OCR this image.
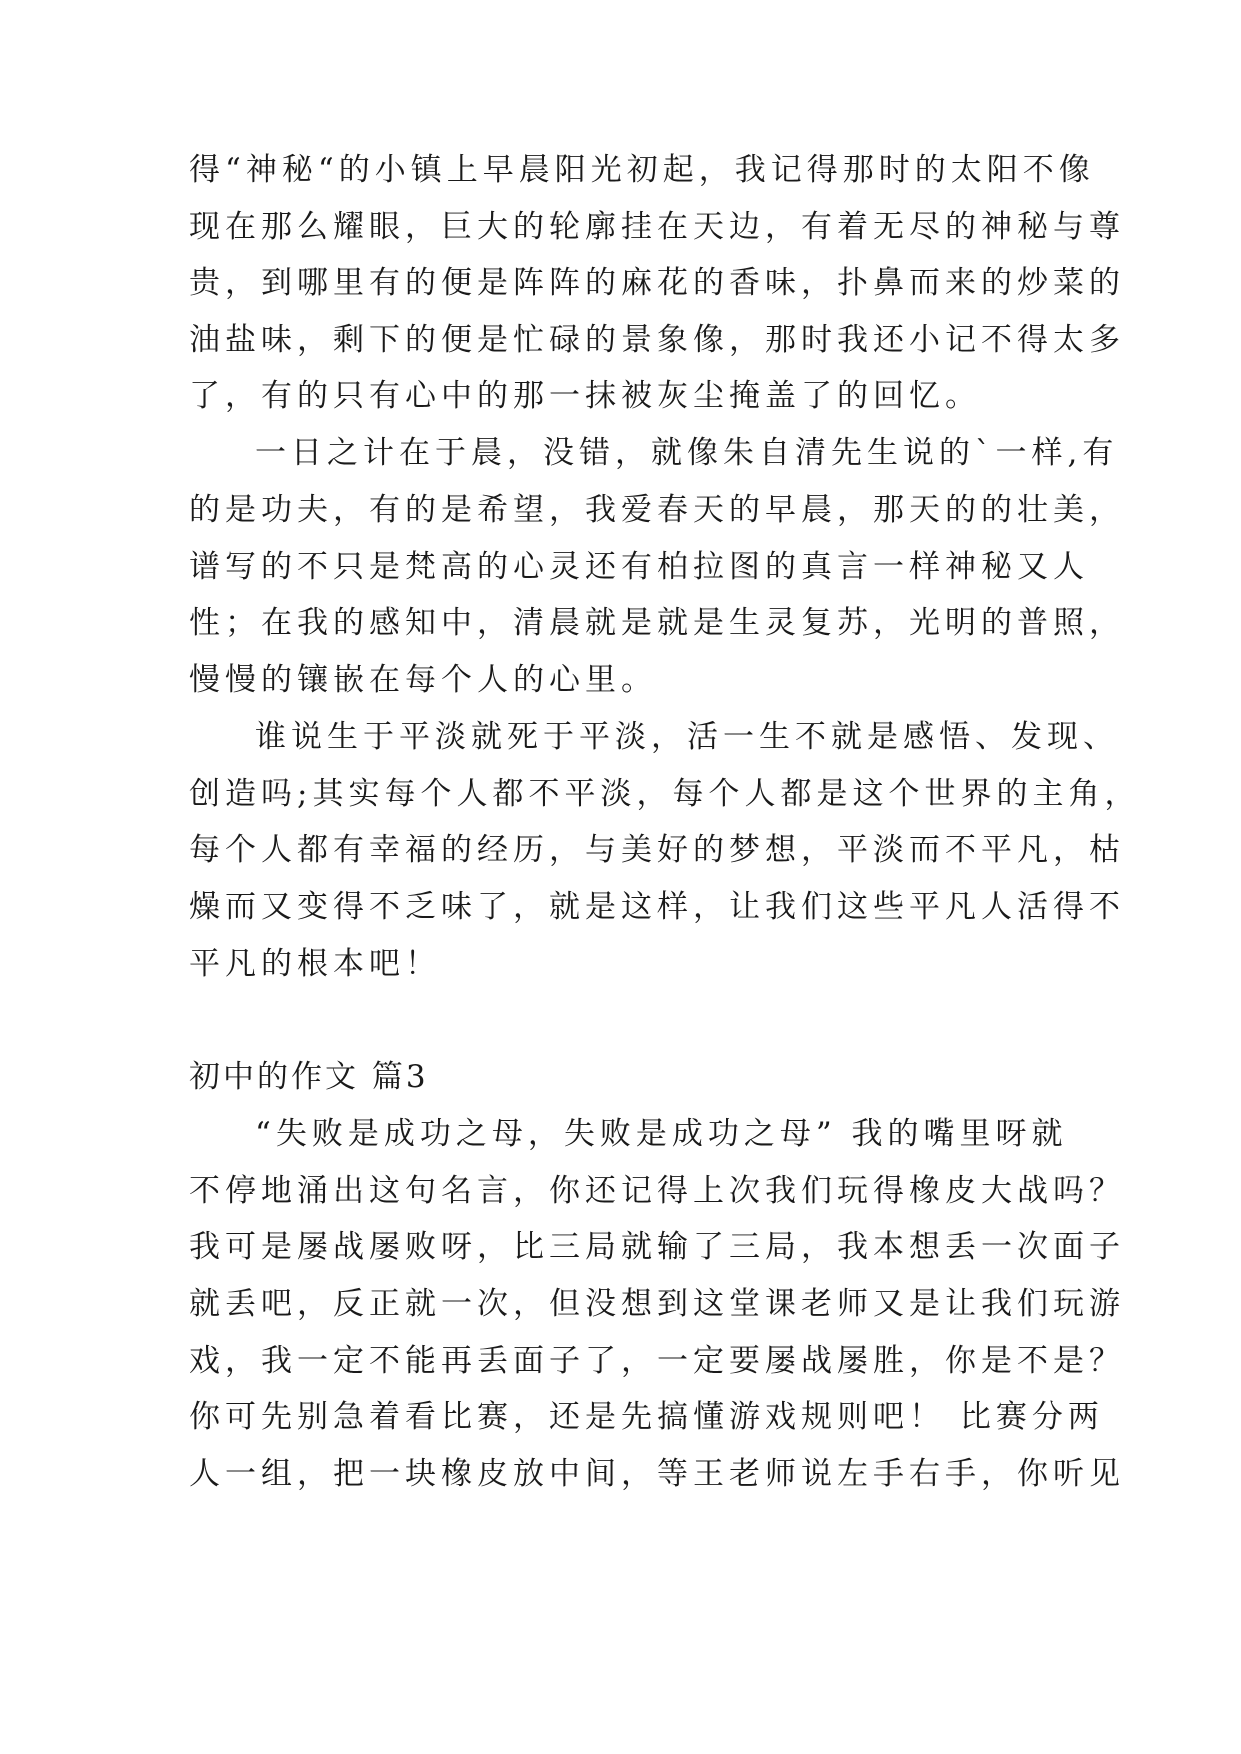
得“神秘“的小镇上早晨阳光初起，我记得那时的太阳不像
现在那么耀眼，巨大的轮廓挂在天边，有着无尽的神秘与尊
贵，到哪里有的便是阵阵的麻花的香味，扑鼻而来的炒菜的
油盐味，剩下的便是忙碌的景象像，那时我还小记不得太多
了，有的只有心中的那一抹被灰尘掩盖了的回忆。
一日之计在于晨，没错，就像朱自清先生说的`一样,有
的是功夫，有的是希望，我爱春天的早晨，那天的的壮美，
谱写的不只是梵高的心灵还有柏拉图的真言一样神秘又人
性；在我的感知中，清晨就是就是生灵复苏，光明的普照，
慢慢的镶嵌在每个人的心里。
谁说生于平淡就死于平淡，活一生不就是感悟、发现、
创造吗;其实每个人都不平淡，每个人都是这个世界的主角，
每个人都有幸福的经历，与美好的梦想，平淡而不平凡，枯
燥而又变得不乏味了，就是这样，让我们这些平凡人活得不
平凡的根本吧！
初中的作文 篇3
“失败是成功之母，失败是成功之母” 我的嘴里呀就
不停地涌出这句名言，你还记得上次我们玩得橡皮大战吗？
我可是屡战屡败呀，比三局就输了三局，我本想丢一次面子
就丢吧，反正就一次，但没想到这堂课老师又是让我们玩游
戏，我一定不能再丢面子了，一定要屡战屡胜，你是不是？
你可先别急着看比赛，还是先搞懂游戏规则吧！ 比赛分两
人一组，把一块橡皮放中间，等王老师说左手右手，你听见
